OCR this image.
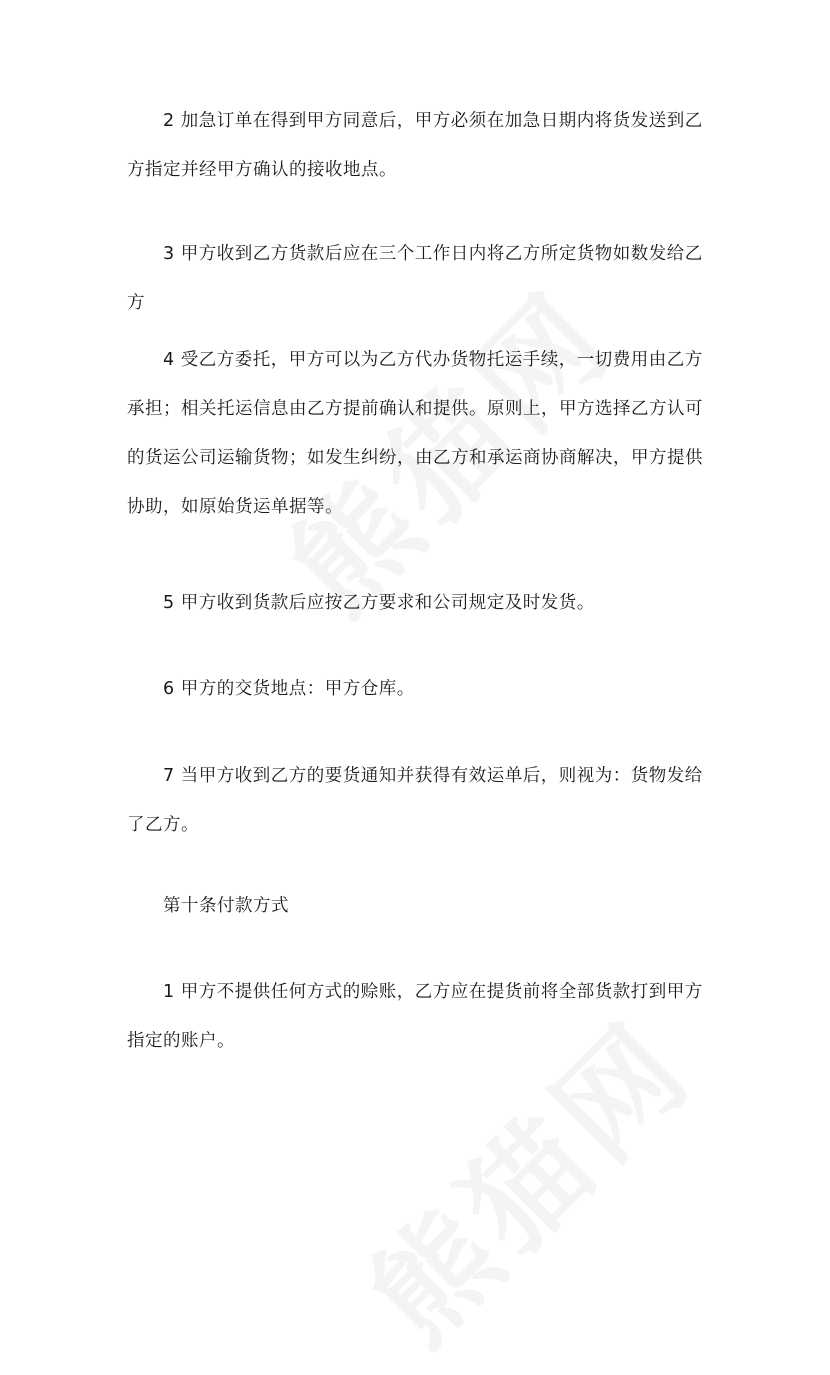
2 加急订单在得到甲方同意后，甲方必须在加急日期内将货发送到乙方指定并经甲方确认的接收地点。

3 甲方收到乙方货款后应在三个工作日内将乙方所定货物如数发给乙方

4 受乙方委托，甲方可以为乙方代办货物托运手续，一切费用由乙方承担；相关托运信息由乙方提前确认和提供。原则上，甲方选择乙方认可的货运公司运输货物；如发生纠纷，由乙方和承运商协商解决，甲方提供协助，如原始货运单据等。

5 甲方收到货款后应按乙方要求和公司规定及时发货。

6 甲方的交货地点：甲方仓库。

7 当甲方收到乙方的要货通知并获得有效运单后，则视为：货物发给了乙方。

第十条付款方式

1 甲方不提供任何方式的赊账，乙方应在提货前将全部货款打到甲方指定的账户。
